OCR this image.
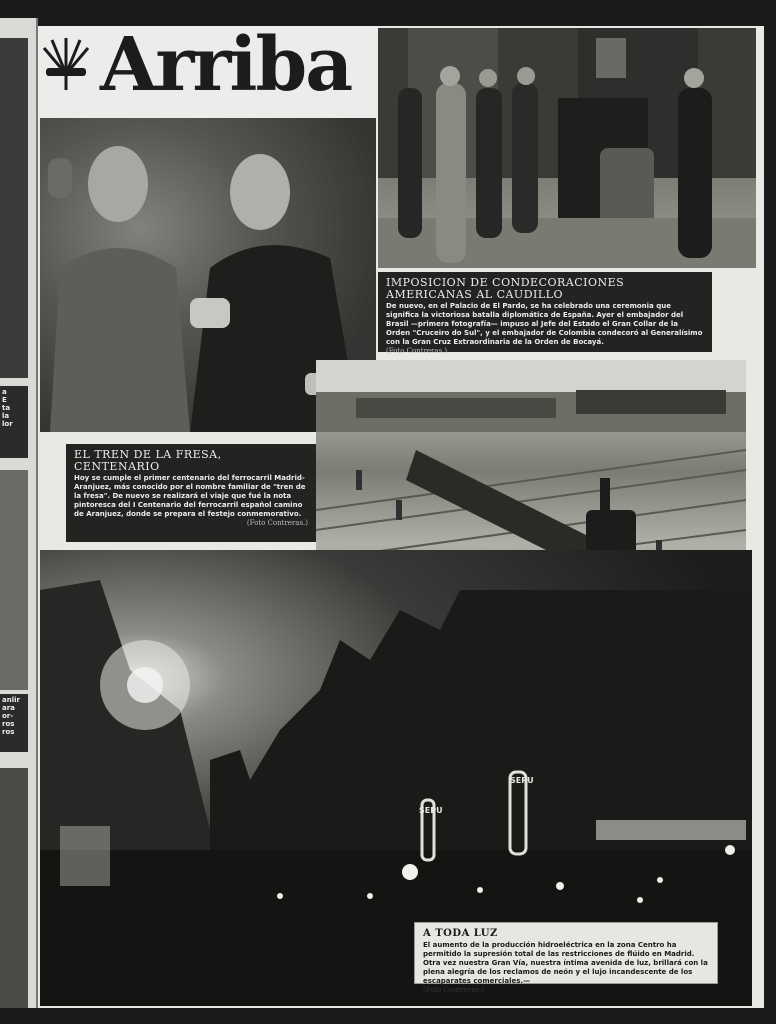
a
E
ta
la
lor
anlir
ara
or-
ros
ros
Arriba
IMPOSICION DE CONDECORACIONES AMERICANAS AL CAUDILLO
De nuevo, en el Palacio de El Pardo, se ha celebrado una ceremonia que significa la victoriosa batalla diplomática de España. Ayer el embajador del Brasil —primera fotografía— impuso al Jefe del Estado el Gran Collar de la Orden "Cruceiro do Sul", y el embajador de Colombia condecoró al Generalísimo con la Gran Cruz Extraordinaria de la Orden de Bocayá.
(Foto Contreras.)
EL TREN DE LA FRESA, CENTENARIO
Hoy se cumple el primer centenario del ferrocarril Madrid-Aranjuez, más conocido por el nombre familiar de "tren de la fresa". De nuevo se realizará el viaje que fué la nota pintoresca del I Centenario del ferrocarril español camino de Aranjuez, donde se prepara el festejo conmemorativo.
(Foto Contreras.)
A TODA LUZ
El aumento de la producción hidroeléctrica en la zona Centro ha permitido la supresión total de las restricciones de flúido en Madrid. Otra vez nuestra Gran Vía, nuestra íntima avenida de luz, brillará con la plena alegría de los reclamos de neón y el lujo incandescente de los escaparates comerciales.—
(Foto Contreras.)
SEPU
SEPU
